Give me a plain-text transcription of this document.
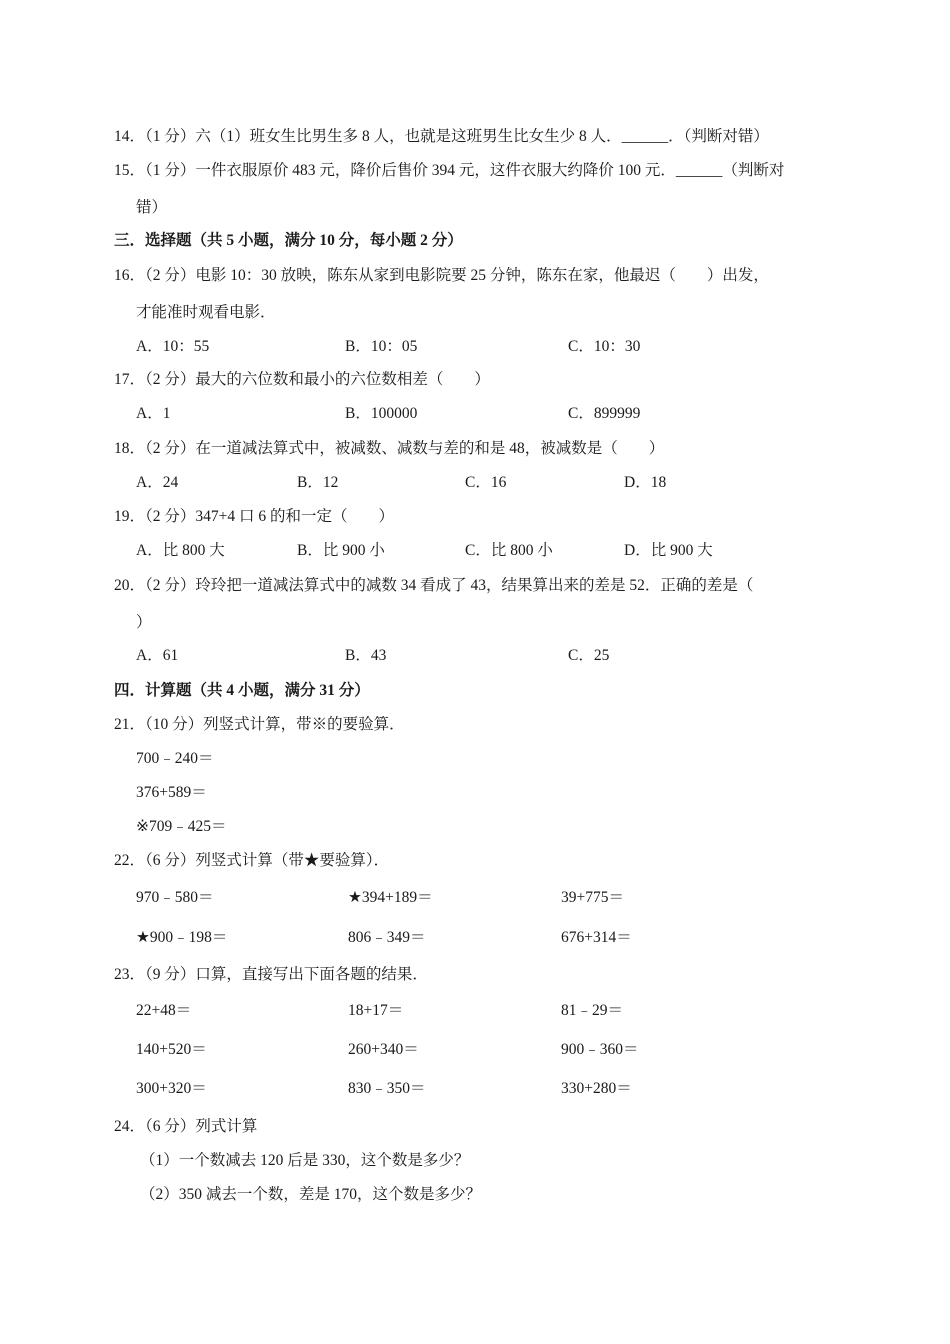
14．（1 分）六（1）班女生比男生多 8 人，也就是这班男生比女生少 8 人．______．（判断对错）
15．（1 分）一件衣服原价 483 元，降价后售价 394 元，这件衣服大约降价 100 元．______（判断对
错）
三．选择题（共 5 小题，满分 10 分，每小题 2 分）
16．（2 分）电影 10：30 放映，陈东从家到电影院要 25 分钟，陈东在家，他最迟（　　）出发，
才能准时观看电影．
A．10：55	B．10：05	C．10：30
17．（2 分）最大的六位数和最小的六位数相差（　　）
A．1	B．100000	C．899999
18．（2 分）在一道减法算式中，被减数、减数与差的和是 48，被减数是（　　）
A．24	B．12	C．16	D．18
19．（2 分）347+4 口 6 的和一定（　　）
A．比 800 大	B．比 900 小	C．比 800 小	D．比 900 大
20．（2 分）玲玲把一道减法算式中的减数 34 看成了 43，结果算出来的差是 52．正确的差是（
）
A．61	B．43	C．25
四．计算题（共 4 小题，满分 31 分）
21．（10 分）列竖式计算，带※的要验算．
700﹣240＝
376+589＝
※709﹣425＝
22．（6 分）列竖式计算（带★要验算）．
970﹣580＝	★394+189＝	39+775＝
★900﹣198＝	806﹣349＝	676+314＝
23．（9 分）口算，直接写出下面各题的结果．
22+48＝	18+17＝	81﹣29＝
140+520＝	260+340＝	900﹣360＝
300+320＝	830﹣350＝	330+280＝
24．（6 分）列式计算
（1）一个数减去 120 后是 330，这个数是多少？
（2）350 减去一个数，差是 170，这个数是多少？
